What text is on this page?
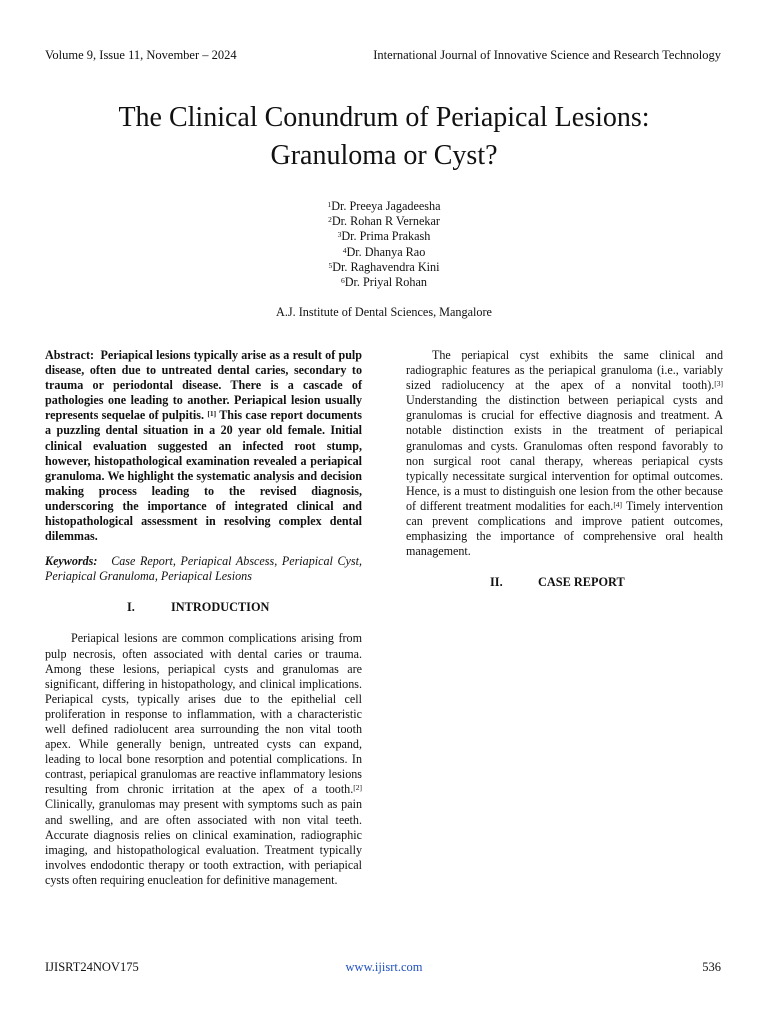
Volume 9, Issue 11, November – 2024	International Journal of Innovative Science and Research Technology
The Clinical Conundrum of Periapical Lesions:
Granuloma or Cyst?
$^1$Dr. Preeya Jagadeesha
$^2$Dr. Rohan R Vernekar
$^3$Dr. Prima Prakash
$^4$Dr. Dhanya Rao
$^5$Dr. Raghavendra Kini
$^6$Dr. Priyal Rohan
A.J. Institute of Dental Sciences, Mangalore

Abstract: Periapical lesions typically arise as a result of pulp disease, often due to untreated dental caries, secondary to trauma or periodontal disease. There is a cascade of pathologies one leading to another. Periapical lesion usually represents sequelae of pulpitis. [1] This case report documents a puzzling dental situation in a 20 year old female. Initial clinical evaluation suggested an infected root stump, however, histopathological examination revealed a periapical granuloma. We highlight the systematic analysis and decision making process leading to the revised diagnosis, underscoring the importance of integrated clinical and histopathological assessment in resolving complex dental dilemmas.

Keywords: Case Report, Periapical Abscess, Periapical Cyst, Periapical Granuloma, Periapical Lesions

I.	INTRODUCTION

Periapical lesions are common complications arising from pulp necrosis, often associated with dental caries or trauma. Among these lesions, periapical cysts and granulomas are significant, differing in histopathology, and clinical implications. Periapical cysts, typically arises due to the epithelial cell proliferation in response to inflammation, with a characteristic well defined radiolucent area surrounding the non vital tooth apex. While generally benign, untreated cysts can expand, leading to local bone resorption and potential complications. In contrast, periapical granulomas are reactive inflammatory lesions resulting from chronic irritation at the apex of a tooth.[2] Clinically, granulomas may present with symptoms such as pain and swelling, and are often associated with non vital teeth. Accurate diagnosis relies on clinical examination, radiographic imaging, and histopathological evaluation. Treatment typically involves endodontic therapy or tooth extraction, with periapical cysts often requiring enucleation for definitive management.

The periapical cyst exhibits the same clinical and radiographic features as the periapical granuloma (i.e., variably sized radiolucency at the apex of a nonvital tooth).[3] Understanding the distinction between periapical cysts and granulomas is crucial for effective diagnosis and treatment. A notable distinction exists in the treatment of periapical granulomas and cysts. Granulomas often respond favorably to non surgical root canal therapy, whereas periapical cysts typically necessitate surgical intervention for optimal outcomes. Hence, is a must to distinguish one lesion from the other because of different treatment modalities for each.[4] Timely intervention can prevent complications and improve patient outcomes, emphasizing the importance of comprehensive oral health management.

II.	CASE REPORT
IJISRT24NOV175	www.ijisrt.com	536
